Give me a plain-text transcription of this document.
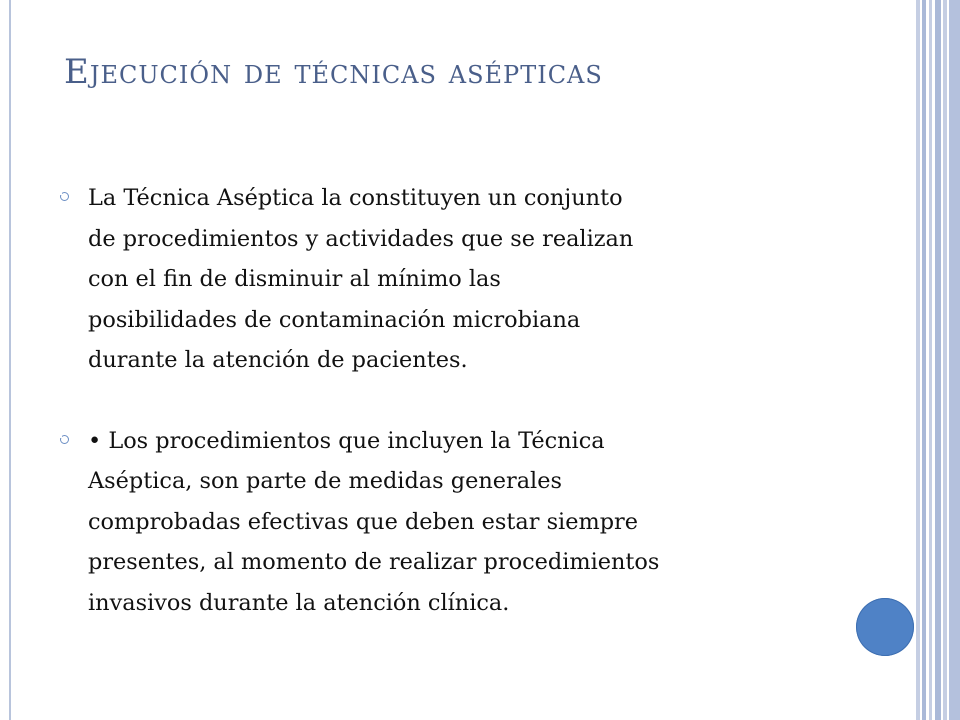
Ejecución de técnicas asépticas
La Técnica Aséptica la constituyen un conjunto
de procedimientos y actividades que se realizan
con el fin de disminuir al mínimo las
posibilidades de contaminación microbiana
durante la atención de pacientes.
• Los procedimientos que incluyen la Técnica
Aséptica, son parte de medidas generales
comprobadas efectivas que deben estar siempre
presentes, al momento de realizar procedimientos
invasivos durante la atención clínica.
